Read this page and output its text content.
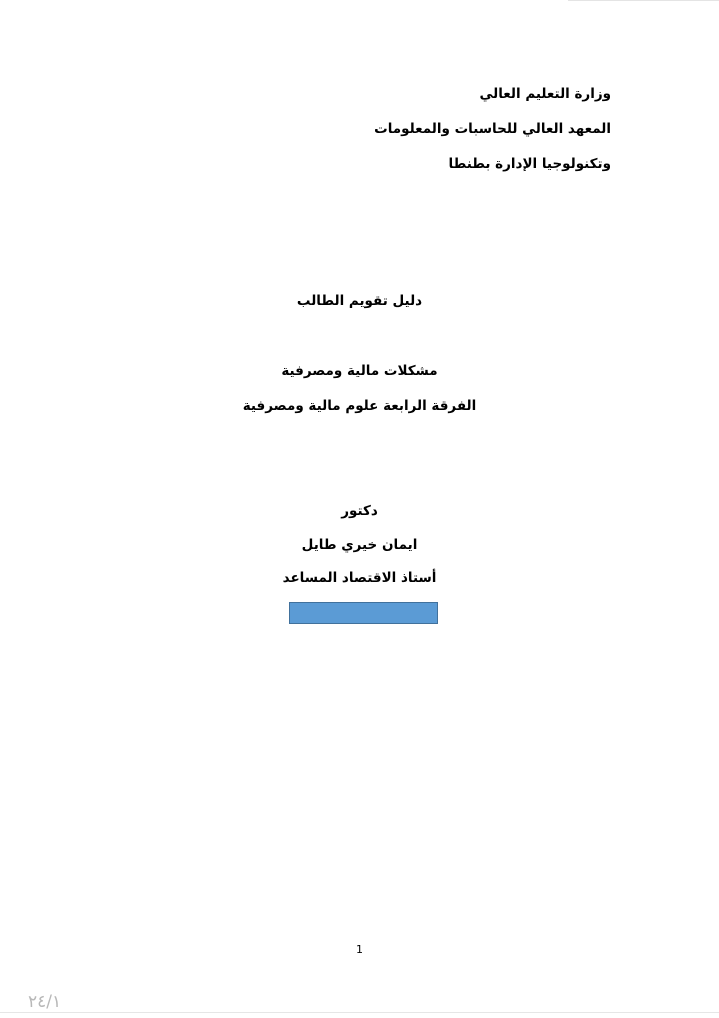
وزارة التعليم العالي
المعهد العالي للحاسبات والمعلومات
وتكنولوجيا الإدارة بطنطا
دليل تقويم الطالب
مشكلات مالية ومصرفية
الفرقة الرابعة علوم مالية ومصرفية
دكتور
ايمان خيري طايل
أستاذ الاقتصاد المساعد
1
٢٤/١
